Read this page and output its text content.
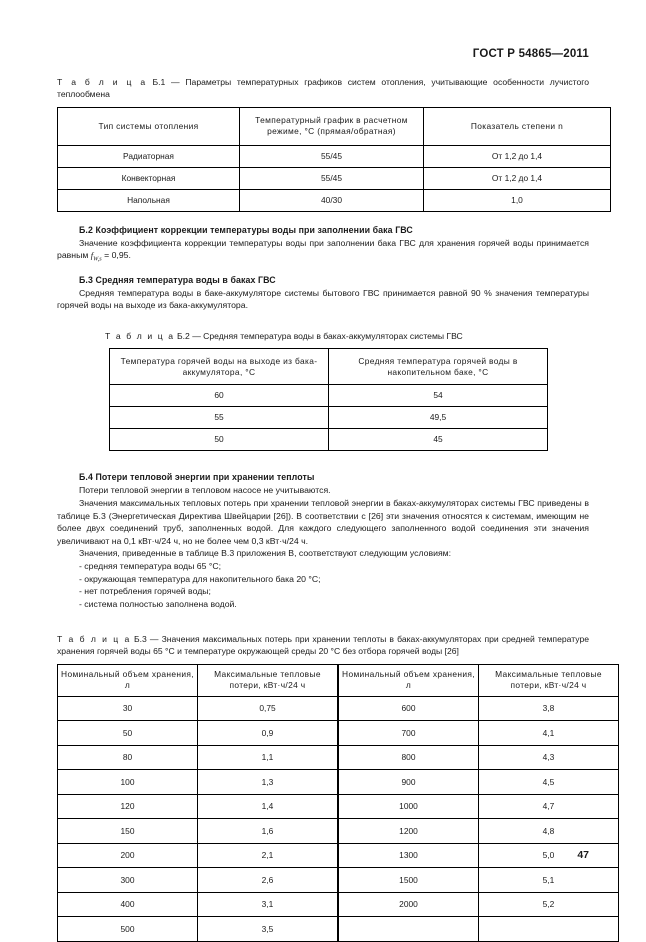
ГОСТ Р 54865—2011

Т а б л и ц а Б.1 — Параметры температурных графиков систем отопления, учитывающие особенности лучистого теплообмена

Тип системы отопления	Температурный график в расчетном режиме, °С (прямая/обратная)	Показатель степени n
Радиаторная	55/45	От 1,2 до 1,4
Конвекторная	55/45	От 1,2 до 1,4
Напольная	40/30	1,0
Б.2 Коэффициент коррекции температуры воды при заполнении бака ГВС

Значение коэффициента коррекции температуры воды при заполнении бака ГВС для хранения горячей воды принимается равным $f_{W,s} = 0,95$.

Б.3 Средняя температура воды в баках ГВС

Средняя температура воды в баке-аккумуляторе системы бытового ГВС принимается равной 90 % значения температуры горячей воды на выходе из бака-аккумулятора.

Т а б л и ц а Б.2 — Средняя температура воды в баках-аккумуляторах системы ГВС

Температура горячей воды на выходе из бака-аккумулятора, °С	Средняя температура горячей воды в накопительном баке, °С
60	54
55	49,5
50	45
Б.4 Потери тепловой энергии при хранении теплоты

Потери тепловой энергии в тепловом насосе не учитываются.

Значения максимальных тепловых потерь при хранении тепловой энергии в баках-аккумуляторах системы ГВС приведены в таблице Б.3 (Энергетическая Директива Швейцарии [26]). В соответствии с [26] эти значения относятся к системам, имеющим не более двух соединений труб, заполненных водой. Для каждого следующего заполненного водой соединения эти значения увеличивают на 0,1 кВт·ч/24 ч, но не более чем 0,3 кВт·ч/24 ч.

Значения, приведенные в таблице В.3 приложения В, соответствуют следующим условиям:

- средняя температура воды 65 °С;
- окружающая температура для накопительного бака 20 °С;
- нет потребления горячей воды;
- система полностью заполнена водой.

Т а б л и ц а Б.3 — Значения максимальных потерь при хранении теплоты в баках-аккумуляторах при средней температуре хранения горячей воды 65 °С и температуре окружающей среды 20 °С без отбора горячей воды [26]

Номинальный объем хранения, л	Максимальные тепловые потери, кВт·ч/24 ч	Номинальный объем хранения, л	Максимальные тепловые потери, кВт·ч/24 ч
30	0,75	600	3,8
50	0,9	700	4,1
80	1,1	800	4,3
100	1,3	900	4,5
120	1,4	1000	4,7
150	1,6	1200	4,8
200	2,1	1300	5,0
300	2,6	1500	5,1
400	3,1	2000	5,2
500	3,5		
47
